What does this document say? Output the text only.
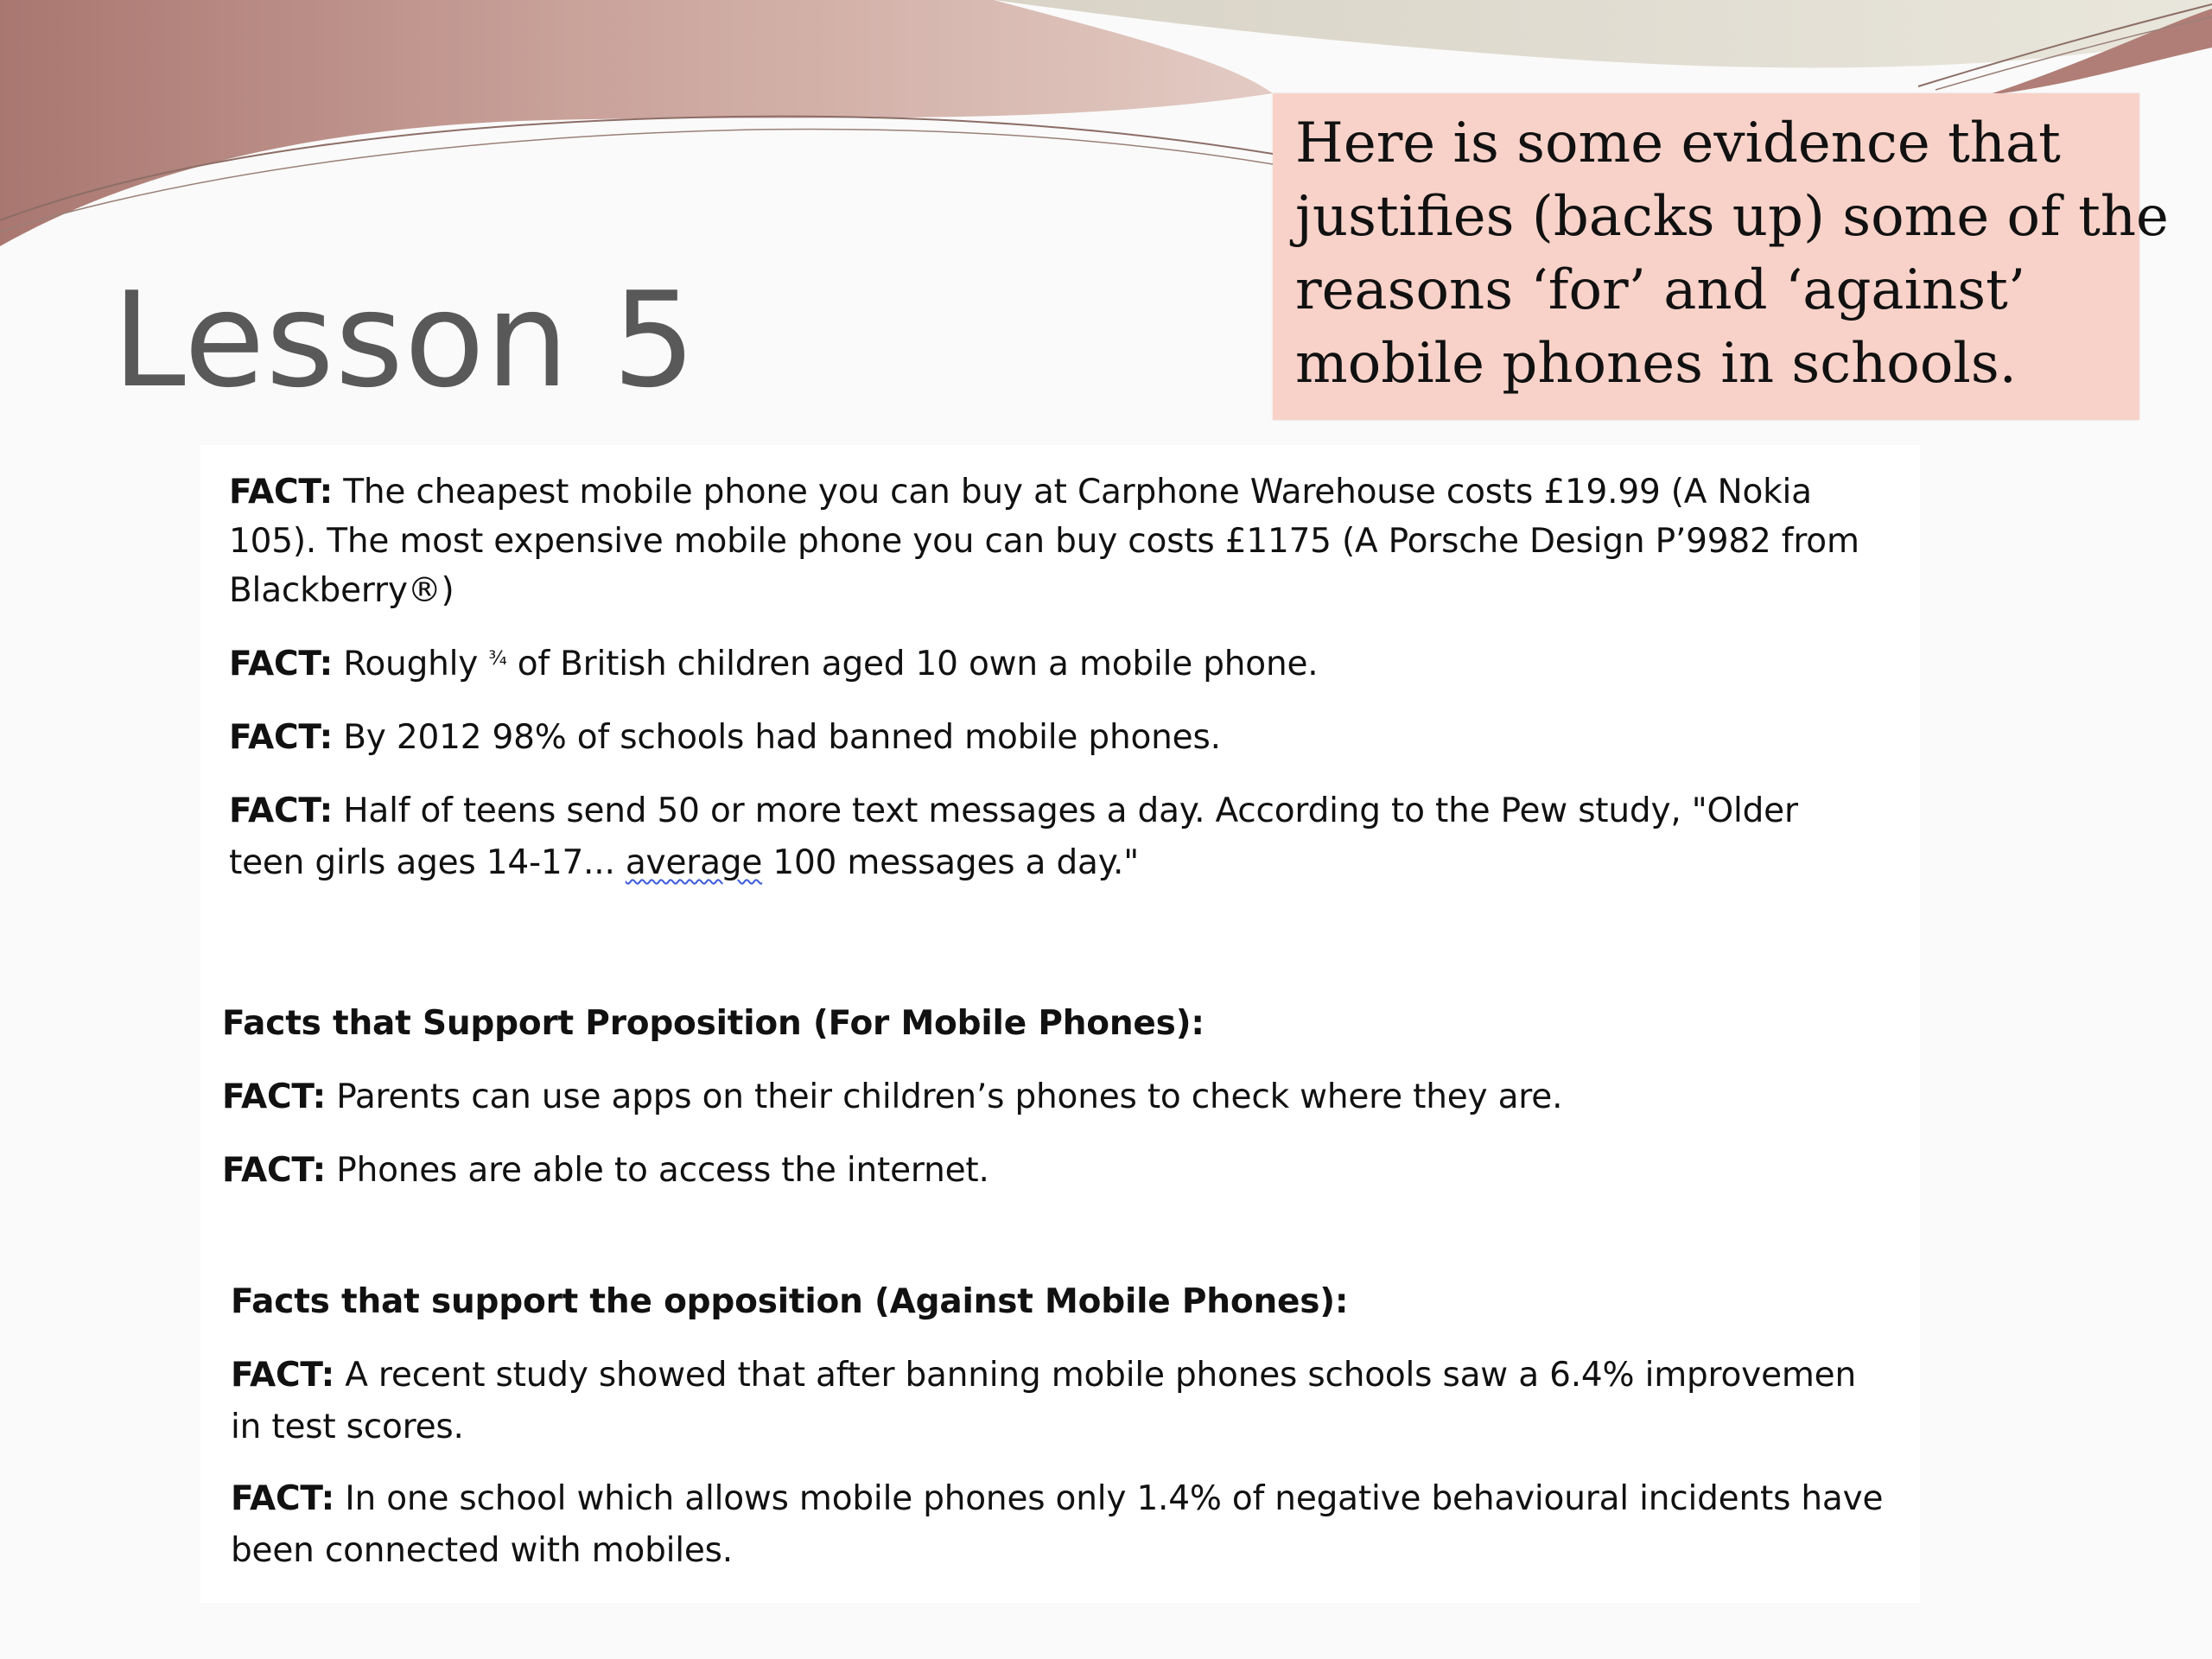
Lesson 5

Here is some evidence that

justifies (backs up) some of the

reasons ‘for’ and ‘against’

mobile phones in schools.

FACT: The cheapest mobile phone you can buy at Carphone Warehouse costs £19.99 (A Nokia

105). The most expensive mobile phone you can buy costs £1175 (A Porsche Design P’9982 from

Blackberry®)

FACT: Roughly $^{\frac{3}{4}}$ of British children aged 10 own a mobile phone.

FACT: By 2012 98% of schools had banned mobile phones.

FACT: Half of teens send 50 or more text messages a day. According to the Pew study, "Older

teen girls ages 14-17... average 100 messages a day."

Facts that Support Proposition (For Mobile Phones):

FACT: Parents can use apps on their children’s phones to check where they are.

FACT: Phones are able to access the internet.

Facts that support the opposition (Against Mobile Phones):

FACT: A recent study showed that after banning mobile phones schools saw a 6.4% improvemen

in test scores.

FACT: In one school which allows mobile phones only 1.4% of negative behavioural incidents have

been connected with mobiles.
